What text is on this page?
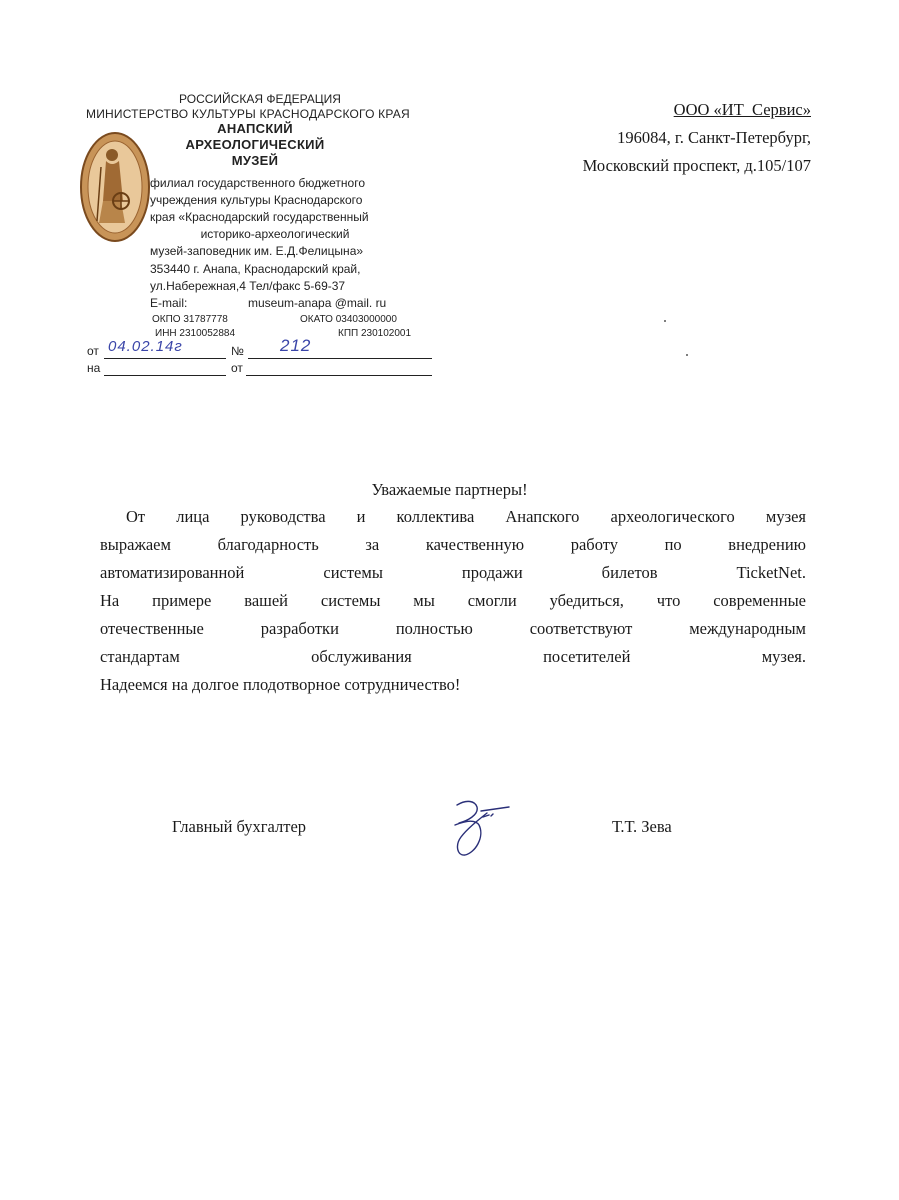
РОССИЙСКАЯ ФЕДЕРАЦИЯ
МИНИСТЕРСТВО КУЛЬТУРЫ КРАСНОДАРСКОГО КРАЯ
АНАПСКИЙ
АРХЕОЛОГИЧЕСКИЙ
МУЗЕЙ
филиал государственного бюджетного
учреждения культуры Краснодарского
края «Краснодарский государственный
историко-археологический
музей-заповедник им. Е.Д.Фелицына»
353440 г. Анапа, Краснодарский край,
ул.Набережная,4 Тел/факс 5-69-37
E-mail:	museum-anapa @mail. ru
ОКПО 31787778	ОКАТО 03403000000
ИНН 2310052884	КПП 230102001
от 04.02.14г	№ 212
на	от
ООО «ИТ_Сервис»
196084, г. Санкт-Петербург,
Московский проспект, д.105/107
Уважаемые партнеры!

От лица руководства и коллектива Анапского археологического музея

выражаем благодарность за качественную работу по внедрению

автоматизированной системы продажи билетов TicketNet.

На примере вашей системы мы смогли убедиться, что современные

отечественные разработки полностью соответствуют международным

стандартам обслуживания посетителей музея.

Надеемся на долгое плодотворное сотрудничество!

Главный бухгалтер	Т.Т. Зева
